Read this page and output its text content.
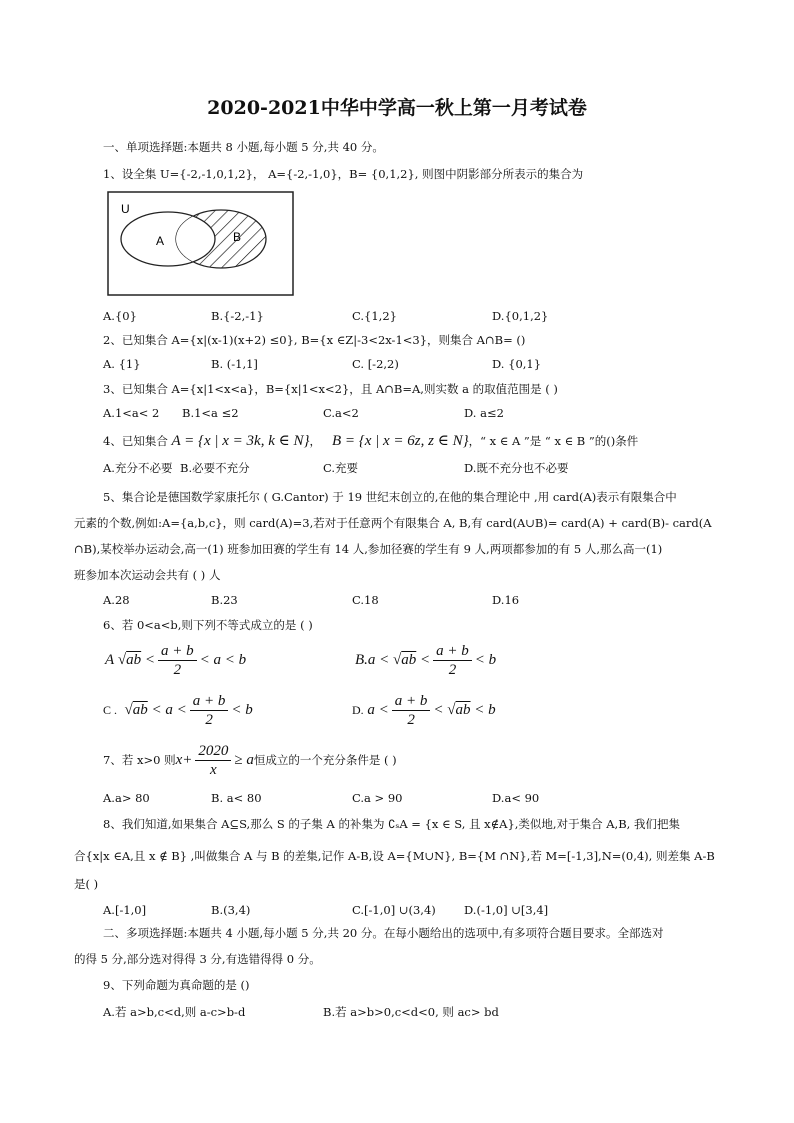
2020-2021中华中学高一秋上第一月考试卷
一、单项选择题:本题共 8 小题,每小题 5 分,共 40 分。
1、设全集 U={-2,-1,0,1,2}， A={-2,-1,0}，B= {0,1,2}, 则图中阴影部分所表示的集合为
U
A	B
A.{0}	B.{-2,-1}	C.{1,2}	D.{0,1,2}
2、已知集合 A={x|(x-1)(x+2) ≤0}, B={x ∈Z|-3<2x-1<3}，则集合 A∩B= ()
A. {1}	B. (-1,1]	C. [-2,2)	D. {0,1}
3、已知集合 A={x|1<x<a}，B={x|1<x<2}，且 A∩B=A,则实数 a 的取值范围是 ( )
A.1<a< 2 B.1<a ≤2	C.a<2	D. a≤2
4、已知集合 A = {x | x = 3k, k ∈ N}，   B = {x | x = 6z, z ∈ N}，“ x ∈ A ”是 “ x ∈ B ”的()条件
A.充分不必要 B.必要不充分	C.充要	D.既不充分也不必要
5、集合论是德国数学家康托尔 ( G.Cantor) 于 19 世纪末创立的,在他的集合理论中 ,用 card(A)表示有限集合中
元素的个数,例如:A={a,b,c}，则 card(A)=3,若对于任意两个有限集合 A, B,有 card(A∪B)= card(A) + card(B)- card(A
∩B),某校举办运动会,高一(1) 班参加田赛的学生有 14 人,参加径赛的学生有 9 人,两项都参加的有 5 人,那么高一(1)
班参加本次运动会共有 ( ) 人
A.28	B.23	C.18	D.16
6、若 0<a<b,则下列不等式成立的是 ( )
A
√ ab
< $\frac{a + b}{2}$ <
a
<
b	B. a
<
√ ab
< $\frac{a + b}{2}$ <
b
C .
√ ab
<
a
< $\frac{a + b}{2}$ <
b	D.
a
< $\frac{a + b}{2}$ <
√ ab
<
b
7、若 x>0 则 $x + \frac{2020}{x} \ge a$ 恒成立的一个充分条件是 ( )
A.a> 80	B. a< 80	C.a > 90	D.a< 90
8、我们知道,如果集合 A⊆S,那么 S 的子集 A 的补集为 ∁ₛA = {x ∈ S, 且 x∉A},类似地,对于集合 A,B, 我们把集
合{x|x ∈A,且 x ∉ B} ,叫做集合 A 与 B 的差集,记作 A-B,设 A={M∪N}, B={M ∩N},若 M=[-1,3],N=(0,4), 则差集 A-B
是( )
A.[-1,0]	B.(3,4)	C.[-1,0] ∪(3,4) D.(-1,0] ∪[3,4]
二、多项选择题:本题共 4 小题,每小题 5 分,共 20 分。在每小题给出的选项中,有多项符合题目要求。全部选对
的得 5 分,部分选对得得 3 分,有选错得得 0 分。
9、下列命题为真命题的是 ()
A.若 a>b,c<d,则 a-c>b-d	B.若 a>b>0,c<d<0, 则 ac> bd
